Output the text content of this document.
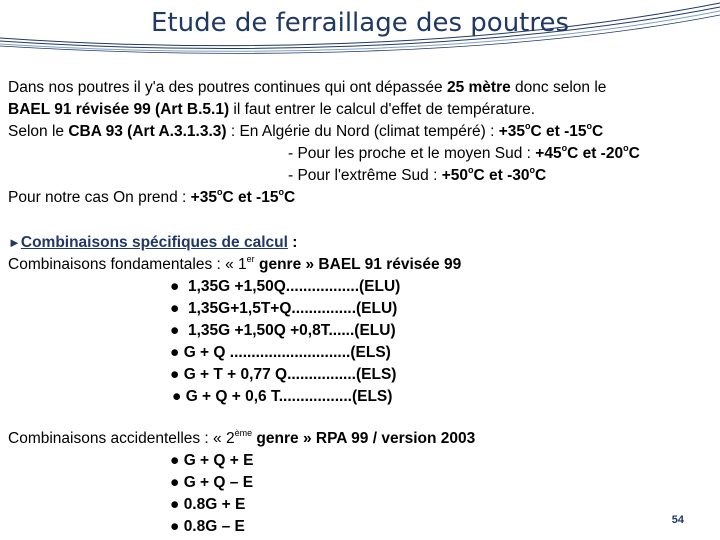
Etude de ferraillage des poutres
Dans nos poutres il y'a des poutres continues qui ont dépassée 25 mètre donc selon le
BAEL 91 révisée 99 (Art B.5.1) il faut entrer le calcul d'effet de température.
Selon le CBA 93 (Art A.3.1.3.3) : En Algérie du Nord (climat tempéré) : $+35^oC$ et -15$^o$C
- Pour les proche et le moyen Sud : $+45^oC$ et -20$^o$C
- Pour l'extrême Sud : $+50^oC$ et -30$^o$C
Pour notre cas On prend : $+35^oC$ et -15$^o$C
►Combinaisons spécifiques de calcul :
Combinaisons fondamentales : « 1er genre » BAEL 91 révisée 99
● 1,35G +1,50Q.................(ELU)
● 1,35G+1,5T+Q...............(ELU)
● 1,35G +1,50Q +0,8T......(ELU)
● G + Q ............................(ELS)
● G + T + 0,77 Q................(ELS)
● G + Q + 0,6 T.................(ELS)
Combinaisons accidentelles : « 2ème genre » RPA 99 / version 2003
● G + Q + E
● G + Q – E
● 0.8G + E
● 0.8G – E	54
